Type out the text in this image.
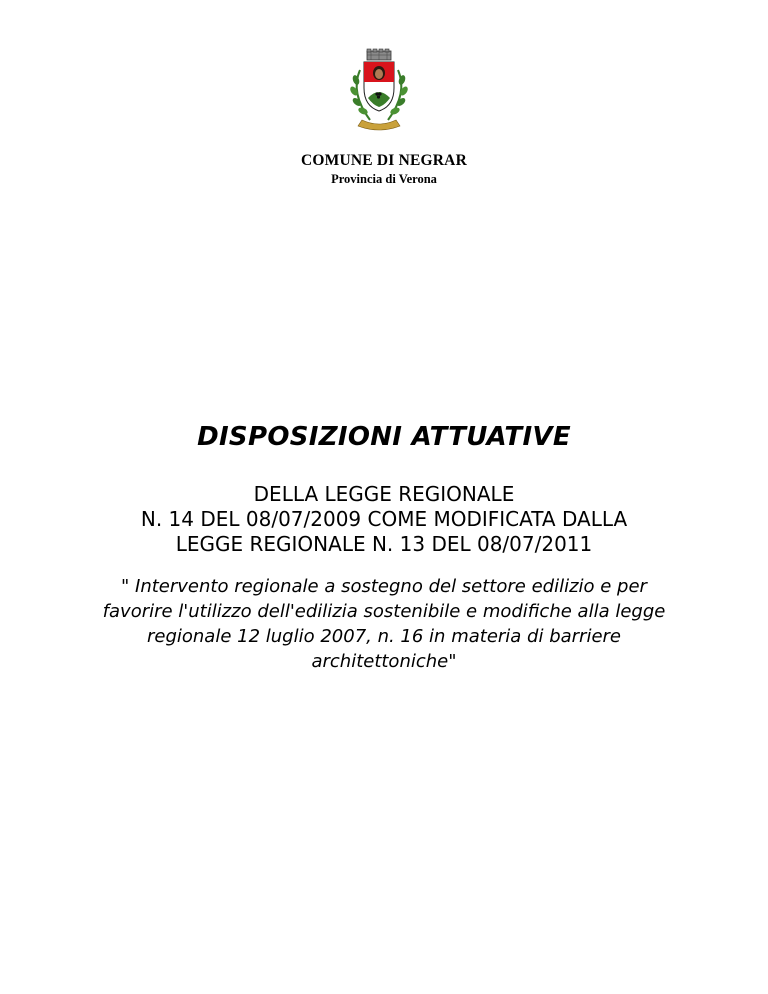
COMUNE DI NEGRAR
Provincia di Verona
DISPOSIZIONI ATTUATIVE
DELLA LEGGE REGIONALE
N. 14 DEL 08/07/2009 COME MODIFICATA DALLA
LEGGE REGIONALE N. 13 DEL 08/07/2011
" Intervento regionale a sostegno del settore edilizio e per
favorire l'utilizzo dell'edilizia sostenibile e modifiche alla legge
regionale 12 luglio 2007, n. 16 in materia di barriere
architettoniche"
